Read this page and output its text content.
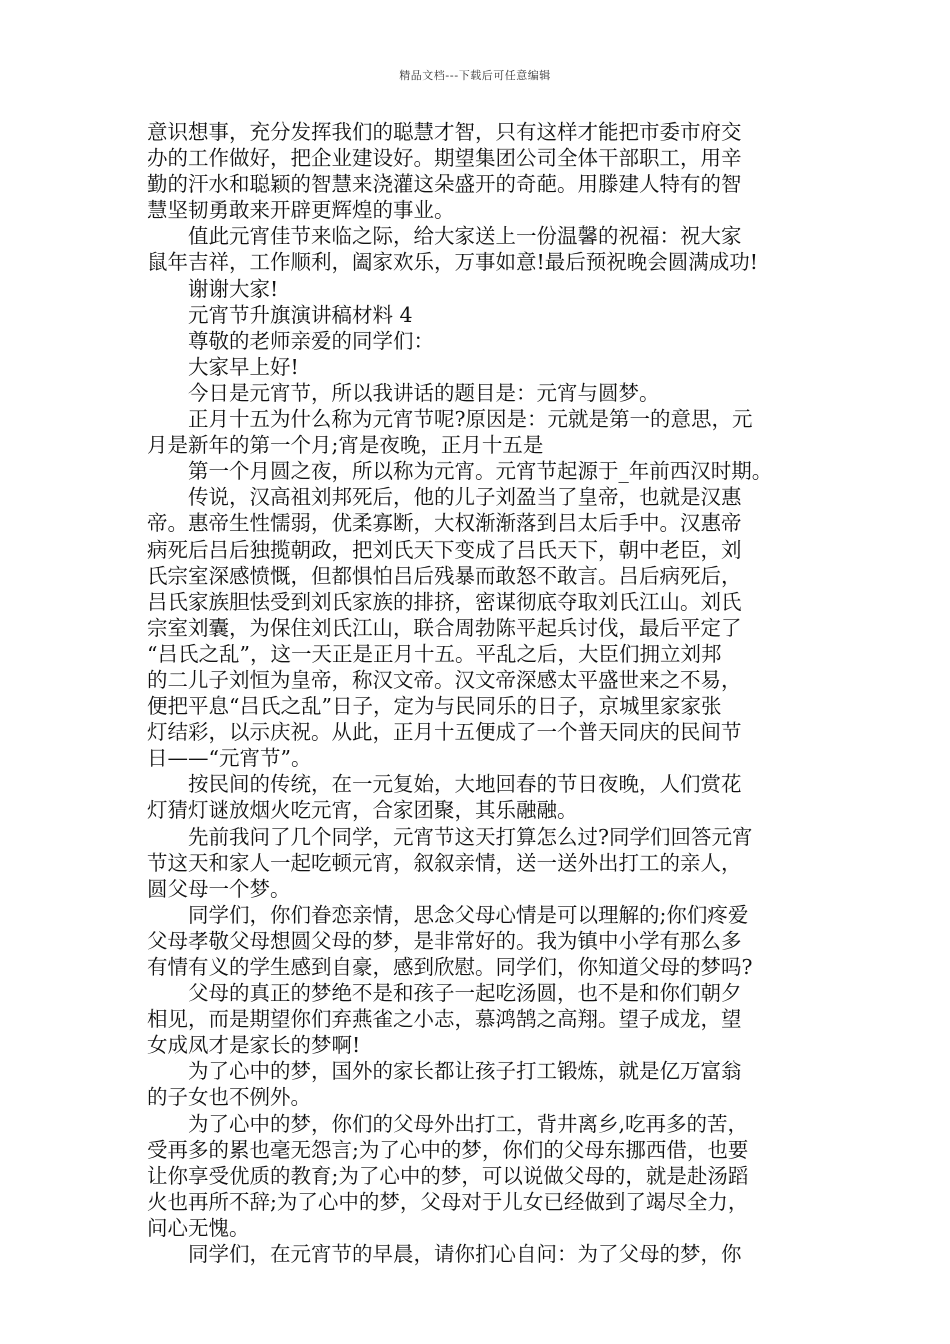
精品文档---下载后可任意编辑

意识想事，充分发挥我们的聪慧才智，只有这样才能把市委市府交

办的工作做好，把企业建设好。期望集团公司全体干部职工，用辛

勤的汗水和聪颖的智慧来浇灌这朵盛开的奇葩。用滕建人特有的智

慧坚韧勇敢来开辟更辉煌的事业。

值此元宵佳节来临之际，给大家送上一份温馨的祝福：祝大家

鼠年吉祥，工作顺利，阖家欢乐，万事如意!最后预祝晚会圆满成功!

谢谢大家!

元宵节升旗演讲稿材料 4

尊敬的老师亲爱的同学们：

大家早上好!

今日是元宵节，所以我讲话的题目是：元宵与圆梦。

正月十五为什么称为元宵节呢?原因是：元就是第一的意思，元

月是新年的第一个月;宵是夜晚，正月十五是

第一个月圆之夜，所以称为元宵。元宵节起源于_年前西汉时期。

传说，汉高祖刘邦死后，他的儿子刘盈当了皇帝，也就是汉惠

帝。惠帝生性懦弱，优柔寡断，大权渐渐落到吕太后手中。汉惠帝

病死后吕后独揽朝政，把刘氏天下变成了吕氏天下，朝中老臣，刘

氏宗室深感愤慨，但都惧怕吕后残暴而敢怒不敢言。吕后病死后，

吕氏家族胆怯受到刘氏家族的排挤，密谋彻底夺取刘氏江山。刘氏

宗室刘囊，为保住刘氏江山，联合周勃陈平起兵讨伐，最后平定了

“吕氏之乱”，这一天正是正月十五。平乱之后，大臣们拥立刘邦

的二儿子刘恒为皇帝，称汉文帝。汉文帝深感太平盛世来之不易，

便把平息“吕氏之乱”日子，定为与民同乐的日子，京城里家家张

灯结彩，以示庆祝。从此，正月十五便成了一个普天同庆的民间节

日——“元宵节”。

按民间的传统，在一元复始，大地回春的节日夜晚，人们赏花

灯猜灯谜放烟火吃元宵，合家团聚，其乐融融。

先前我问了几个同学，元宵节这天打算怎么过?同学们回答元宵

节这天和家人一起吃顿元宵，叙叙亲情，送一送外出打工的亲人，

圆父母一个梦。

同学们，你们眷恋亲情，思念父母心情是可以理解的;你们疼爱

父母孝敬父母想圆父母的梦，是非常好的。我为镇中小学有那么多

有情有义的学生感到自豪，感到欣慰。同学们，你知道父母的梦吗?

父母的真正的梦绝不是和孩子一起吃汤圆，也不是和你们朝夕

相见，而是期望你们弃燕雀之小志，慕鸿鹄之高翔。望子成龙，望

女成凤才是家长的梦啊!

为了心中的梦，国外的家长都让孩子打工锻炼，就是亿万富翁

的子女也不例外。

为了心中的梦，你们的父母外出打工，背井离乡,吃再多的苦，

受再多的累也毫无怨言;为了心中的梦，你们的父母东挪西借，也要

让你享受优质的教育;为了心中的梦，可以说做父母的，就是赴汤蹈

火也再所不辞;为了心中的梦，父母对于儿女已经做到了竭尽全力，

问心无愧。

同学们，在元宵节的早晨，请你扪心自问：为了父母的梦，你
